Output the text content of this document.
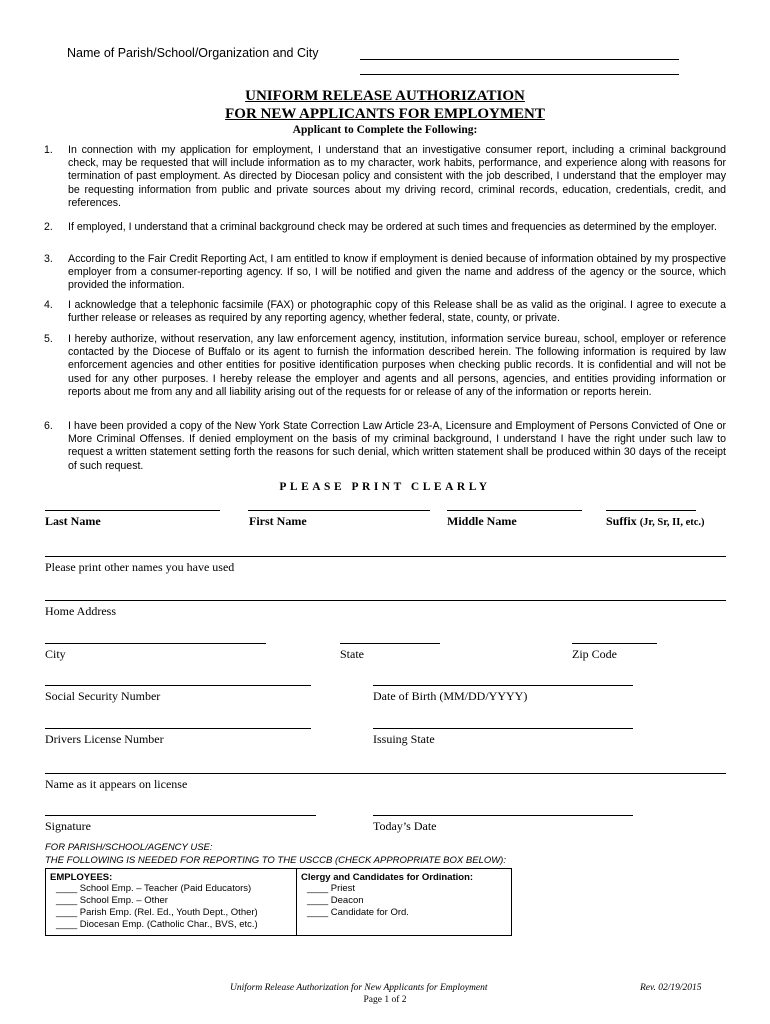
Name of Parish/School/Organization and City
UNIFORM RELEASE AUTHORIZATION
FOR NEW APPLICANTS FOR EMPLOYMENT
Applicant to Complete the Following:
1. In connection with my application for employment, I understand that an investigative consumer report, including a criminal background check, may be requested that will include information as to my character, work habits, performance, and experience along with reasons for termination of past employment. As directed by Diocesan policy and consistent with the job described, I understand that the employer may be requesting information from public and private sources about my driving record, criminal records, education, credentials, credit, and references.
2. If employed, I understand that a criminal background check may be ordered at such times and frequencies as determined by the employer.
3. According to the Fair Credit Reporting Act, I am entitled to know if employment is denied because of information obtained by my prospective employer from a consumer-reporting agency. If so, I will be notified and given the name and address of the agency or the source, which provided the information.
4. I acknowledge that a telephonic facsimile (FAX) or photographic copy of this Release shall be as valid as the original. I agree to execute a further release or releases as required by any reporting agency, whether federal, state, county, or private.
5. I hereby authorize, without reservation, any law enforcement agency, institution, information service bureau, school, employer or reference contacted by the Diocese of Buffalo or its agent to furnish the information described herein. The following information is required by law enforcement agencies and other entities for positive identification purposes when checking public records. It is confidential and will not be used for any other purposes. I hereby release the employer and agents and all persons, agencies, and entities providing information or reports about me from any and all liability arising out of the requests for or release of any of the information or reports herein.
6. I have been provided a copy of the New York State Correction Law Article 23-A, Licensure and Employment of Persons Convicted of One or More Criminal Offenses. If denied employment on the basis of my criminal background, I understand I have the right under such law to request a written statement setting forth the reasons for such denial, which written statement shall be produced within 30 days of the receipt of such request.
PLEASE PRINT CLEARLY
Last Name	First Name	Middle Name	Suffix (Jr, Sr, II, etc.)
Please print other names you have used
Home Address
City	State	Zip Code
Social Security Number	Date of Birth (MM/DD/YYYY)
Drivers License Number	Issuing State
Name as it appears on license
Signature	Today’s Date
FOR PARISH/SCHOOL/AGENCY USE:
THE FOLLOWING IS NEEDED FOR REPORTING TO THE USCCB (CHECK APPROPRIATE BOX BELOW):
EMPLOYEES:
____ School Emp. – Teacher (Paid Educators)
____ School Emp. – Other
____ Parish Emp. (Rel. Ed., Youth Dept., Other)
____ Diocesan Emp. (Catholic Char., BVS, etc.)
Clergy and Candidates for Ordination:
____ Priest
____ Deacon
____ Candidate for Ord.
Uniform Release Authorization for New Applicants for Employment
Page 1 of 2
Rev. 02/19/2015
